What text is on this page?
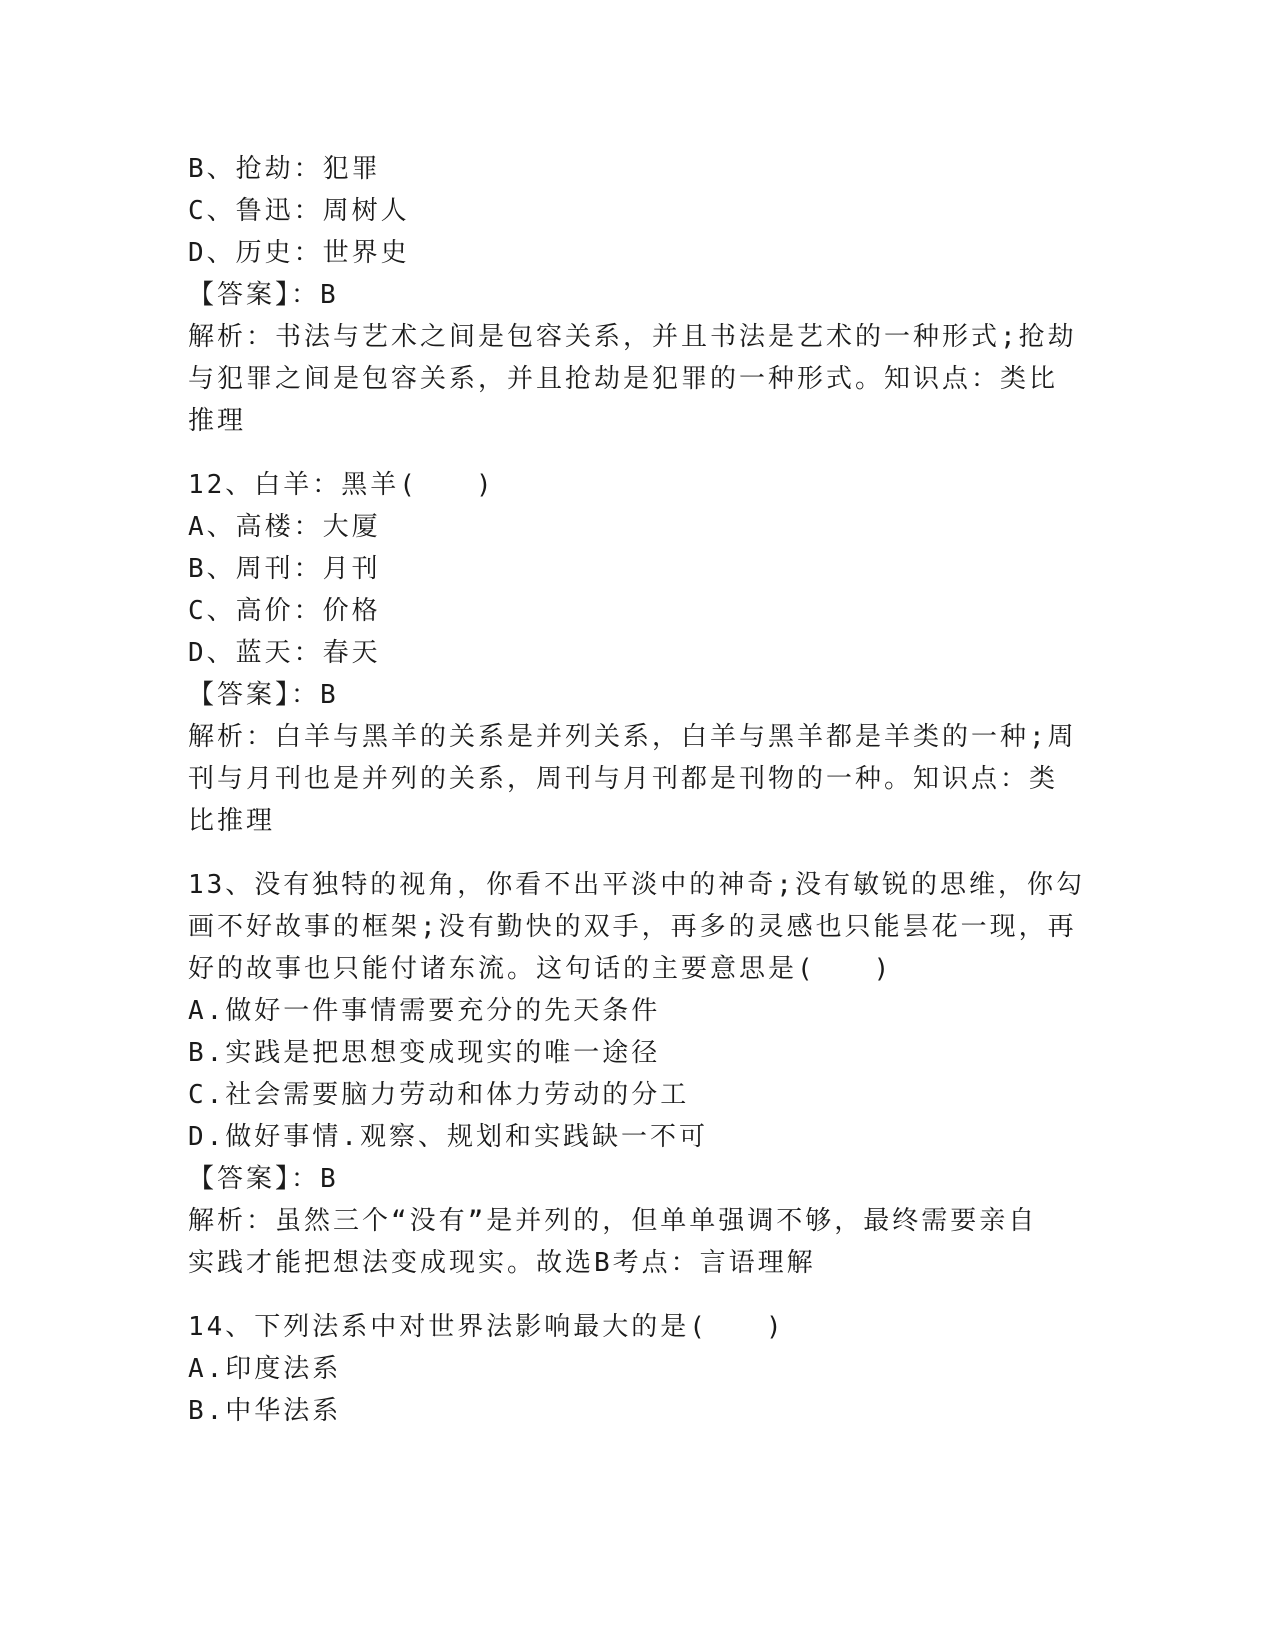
B、抢劫：犯罪
C、鲁迅：周树人
D、历史：世界史
【答案】：B
解析：书法与艺术之间是包容关系，并且书法是艺术的一种形式;抢劫
与犯罪之间是包容关系，并且抢劫是犯罪的一种形式。知识点：类比
推理
12、白羊：黑羊(　　)
A、高楼：大厦
B、周刊：月刊
C、高价：价格
D、蓝天：春天
【答案】：B
解析：白羊与黑羊的关系是并列关系，白羊与黑羊都是羊类的一种;周
刊与月刊也是并列的关系，周刊与月刊都是刊物的一种。知识点：类
比推理
13、没有独特的视角，你看不出平淡中的神奇;没有敏锐的思维，你勾
画不好故事的框架;没有勤快的双手，再多的灵感也只能昙花一现，再
好的故事也只能付诸东流。这句话的主要意思是(　　)
A.做好一件事情需要充分的先天条件
B.实践是把思想变成现实的唯一途径
C.社会需要脑力劳动和体力劳动的分工
D.做好事情.观察、规划和实践缺一不可
【答案】：B
解析：虽然三个“没有”是并列的，但单单强调不够，最终需要亲自
实践才能把想法变成现实。故选B考点：言语理解
14、下列法系中对世界法影响最大的是(　　)
A.印度法系
B.中华法系
